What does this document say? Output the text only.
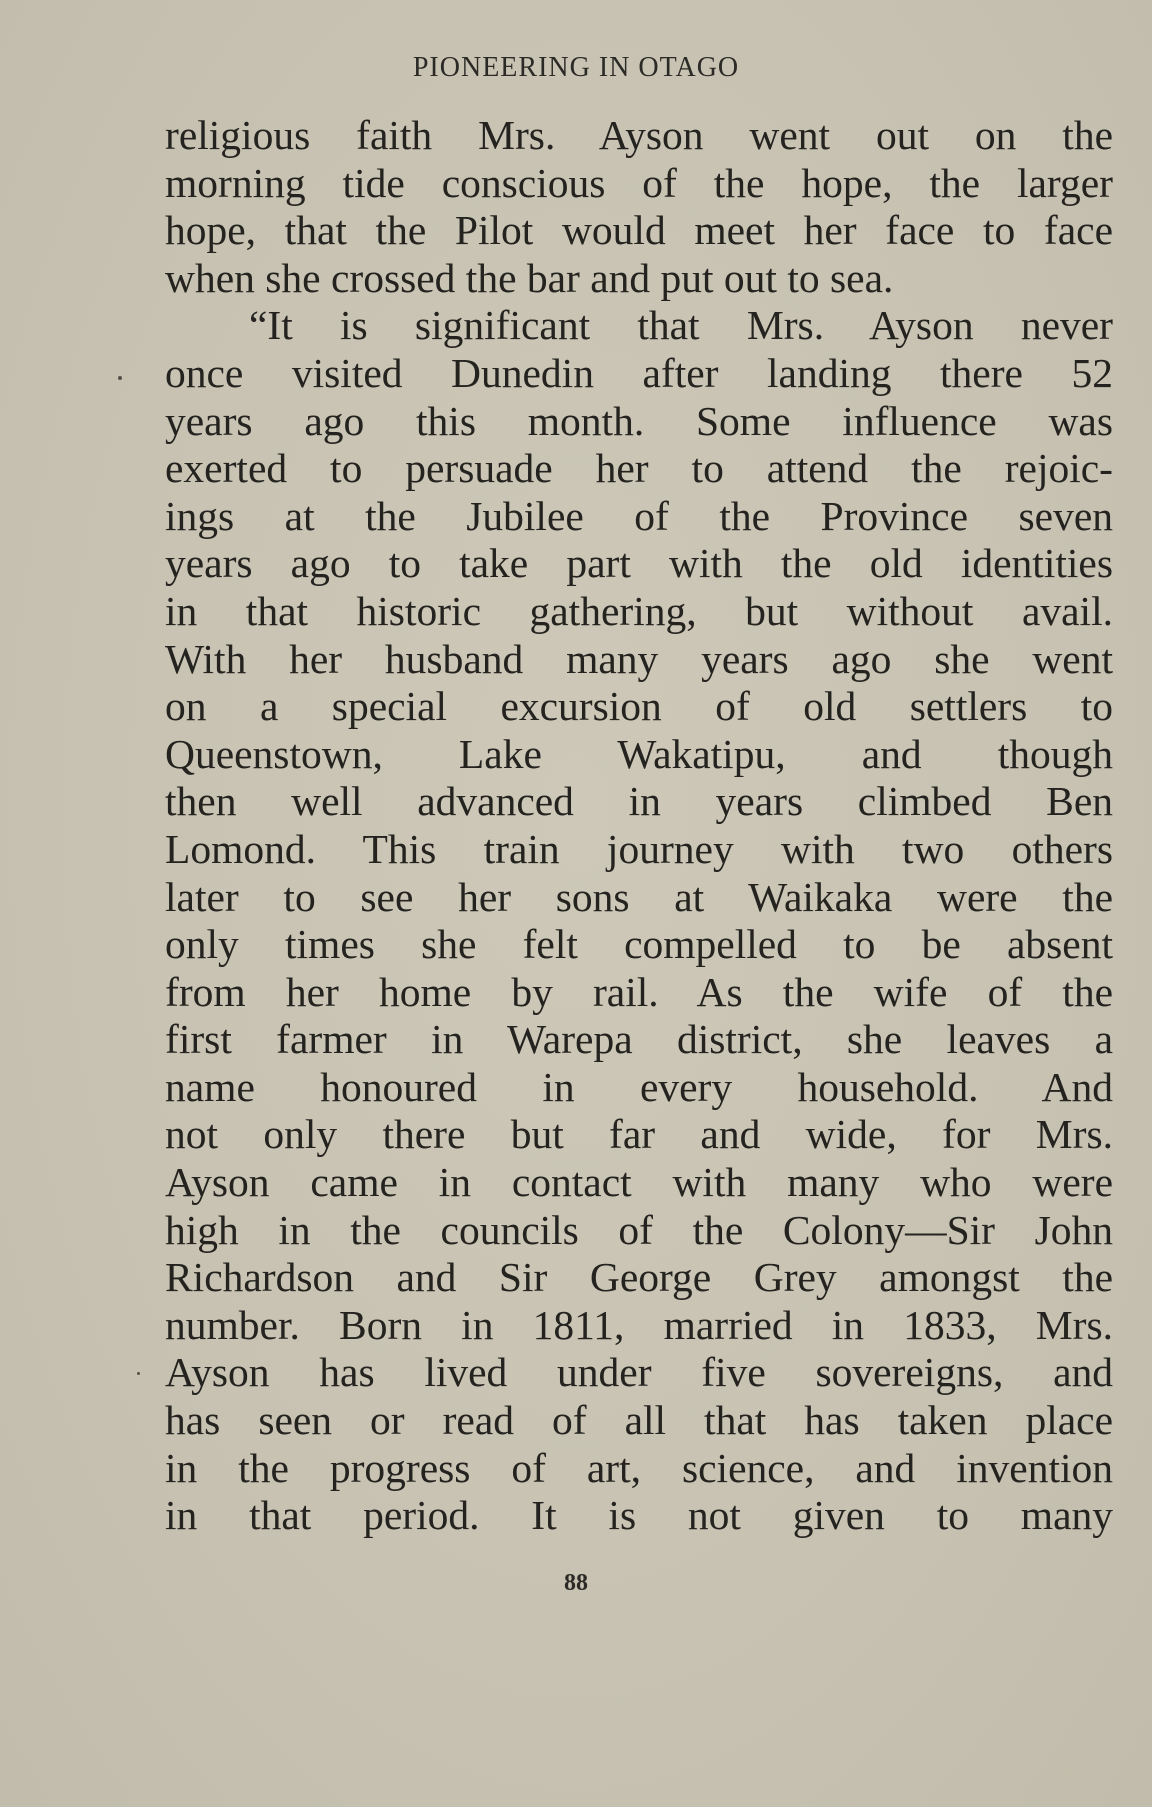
PIONEERING IN OTAGO
religious faith Mrs. Ayson went out on the
morning tide conscious of the hope, the larger
hope, that the Pilot would meet her face to face
when she crossed the bar and put out to sea.
“It is significant that Mrs. Ayson never
once visited Dunedin after landing there 52
years ago this month. Some influence was
exerted to persuade her to attend the rejoic-
ings at the Jubilee of the Province seven
years ago to take part with the old identities
in that historic gathering, but without avail.
With her husband many years ago she went
on a special excursion of old settlers to
Queenstown, Lake Wakatipu, and though
then well advanced in years climbed Ben
Lomond. This train journey with two others
later to see her sons at Waikaka were the
only times she felt compelled to be absent
from her home by rail. As the wife of the
first farmer in Warepa district, she leaves a
name honoured in every household. And
not only there but far and wide, for Mrs.
Ayson came in contact with many who were
high in the councils of the Colony—Sir John
Richardson and Sir George Grey amongst the
number. Born in 1811, married in 1833, Mrs.
Ayson has lived under five sovereigns, and
has seen or read of all that has taken place
in the progress of art, science, and invention
in that period. It is not given to many
88
